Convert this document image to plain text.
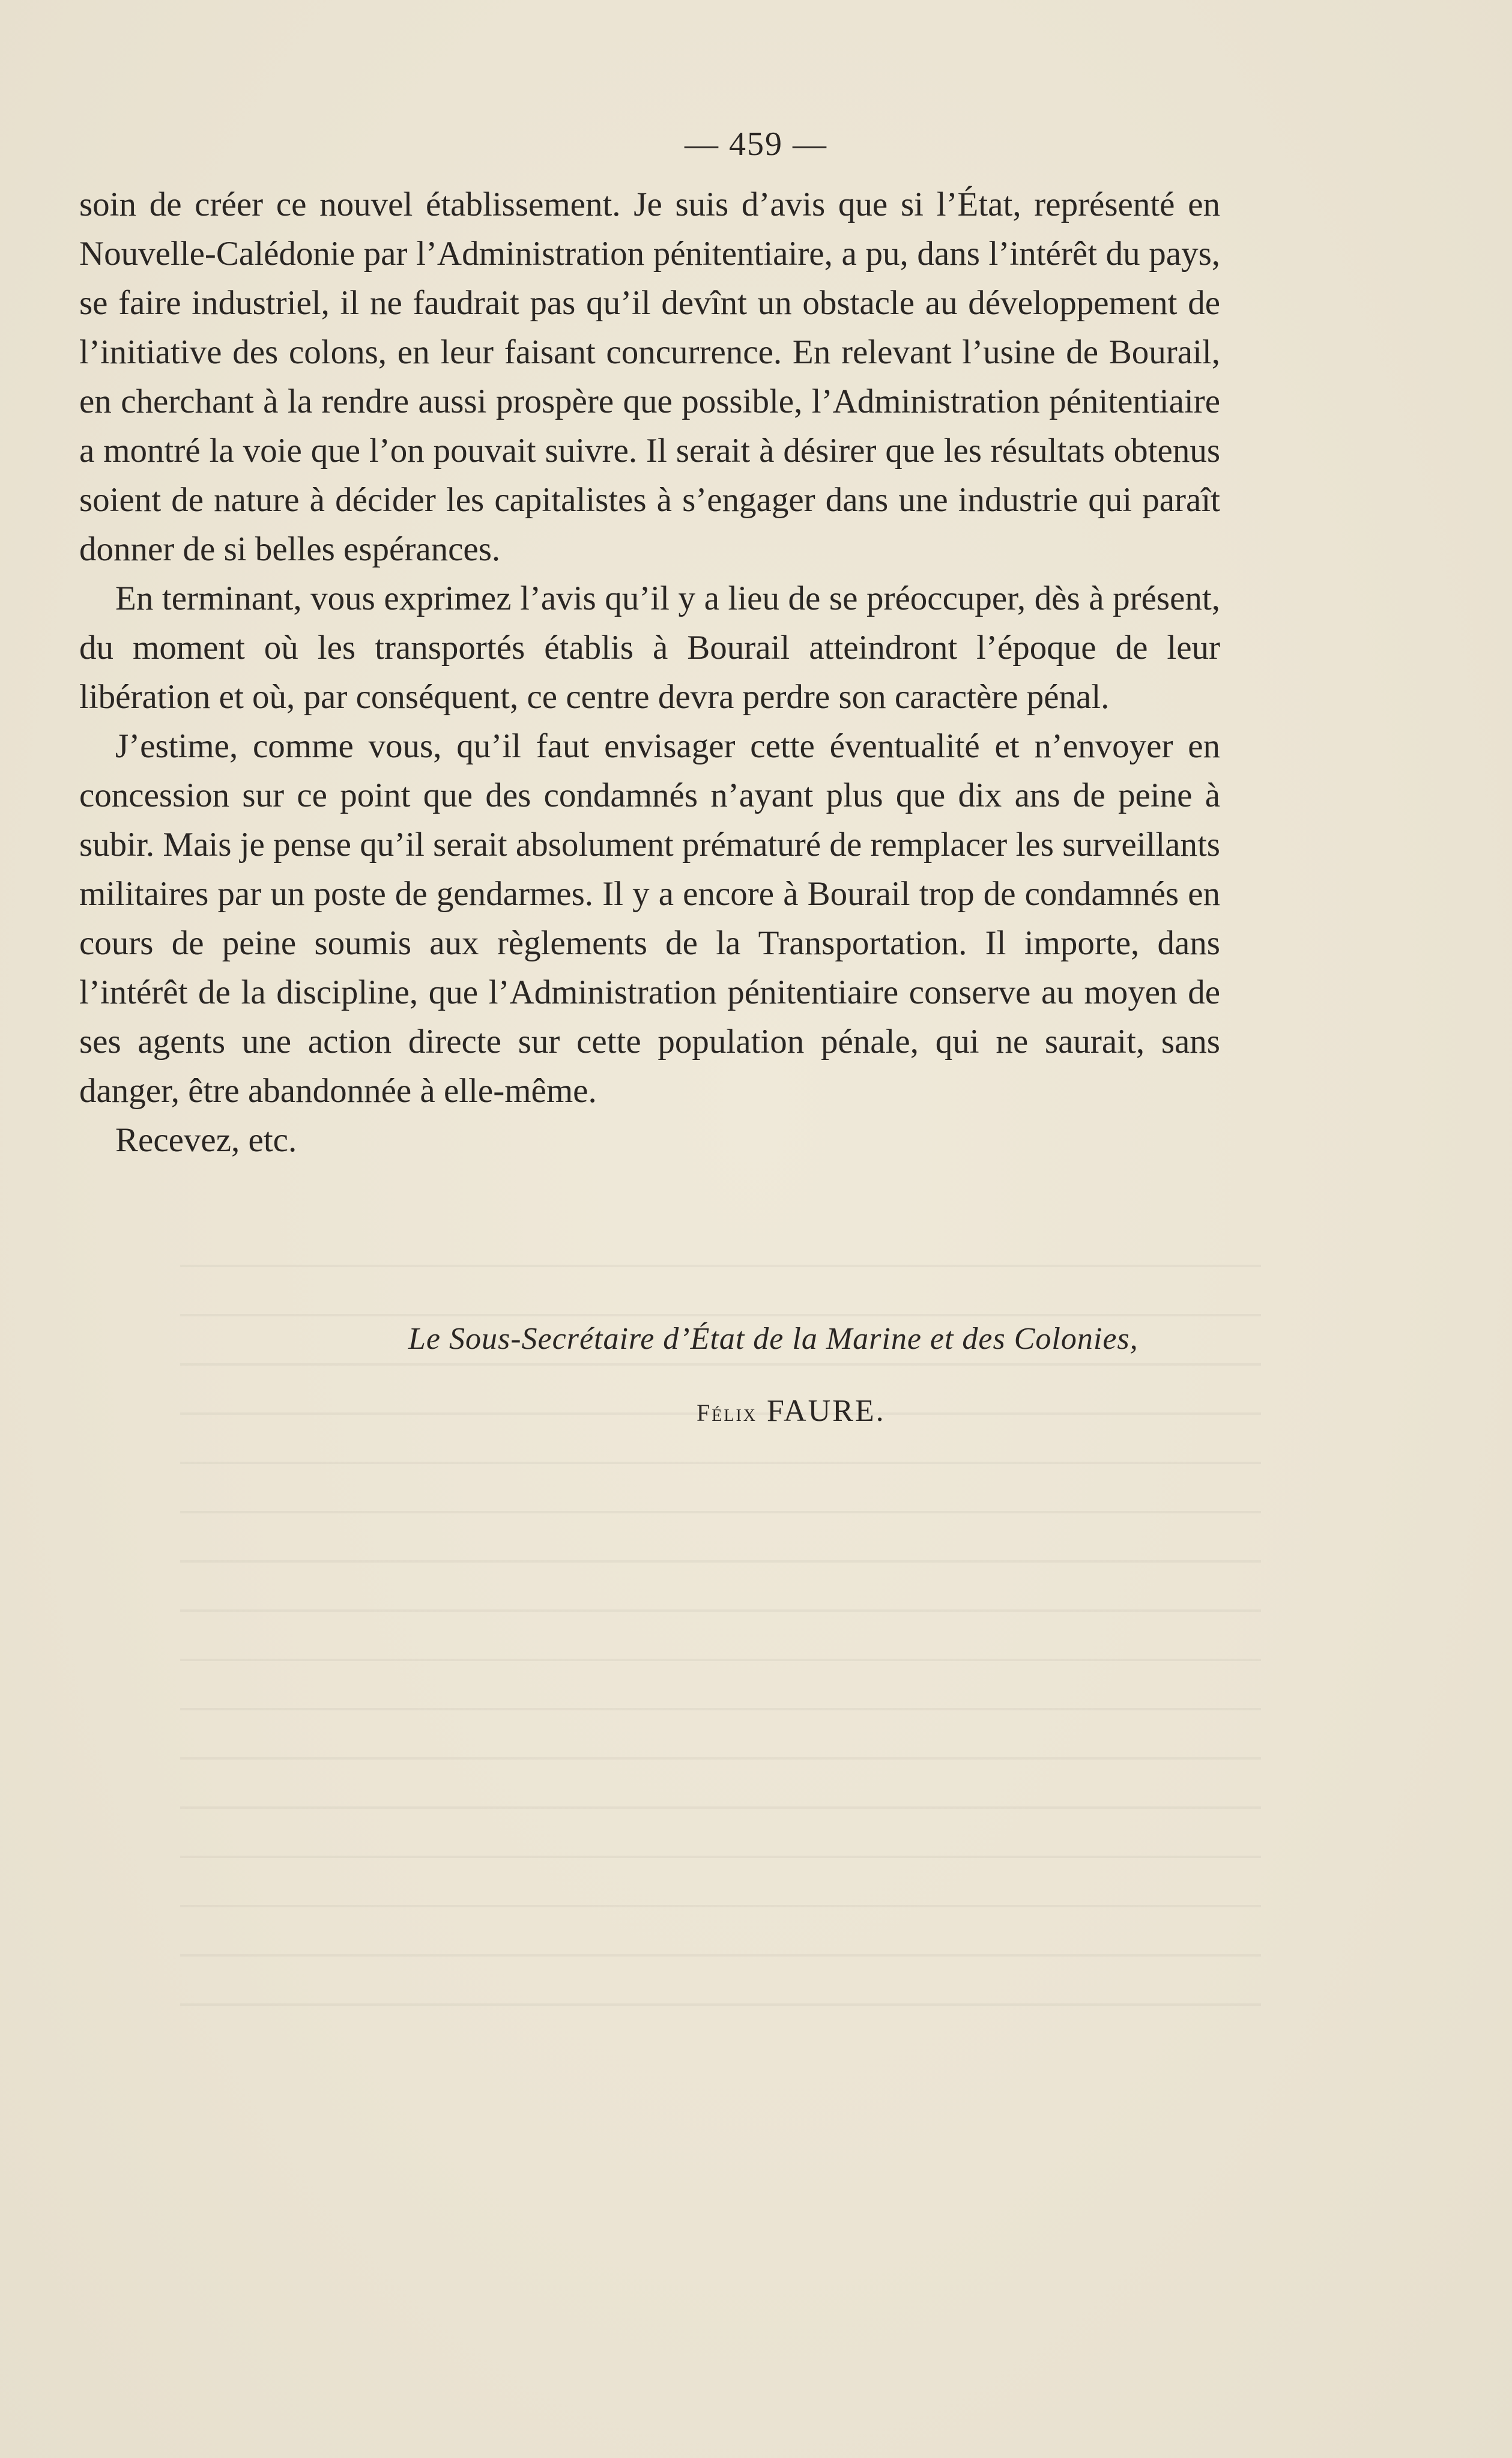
— 459 —

soin de créer ce nouvel établissement. Je suis d’avis que si l’État, représenté en Nouvelle-Calédonie par l’Administration pénitentiaire, a pu, dans l’intérêt du pays, se faire industriel, il ne faudrait pas qu’il devînt un obstacle au développement de l’initiative des colons, en leur faisant concurrence. En relevant l’usine de Bourail, en cherchant à la rendre aussi prospère que possible, l’Administration pénitentiaire a montré la voie que l’on pouvait suivre. Il serait à désirer que les résultats obtenus soient de nature à décider les capitalistes à s’engager dans une industrie qui paraît donner de si belles espérances.

En terminant, vous exprimez l’avis qu’il y a lieu de se préoccuper, dès à présent, du moment où les transportés établis à Bourail atteindront l’époque de leur libération et où, par conséquent, ce centre devra perdre son caractère pénal.

J’estime, comme vous, qu’il faut envisager cette éventualité et n’envoyer en concession sur ce point que des condamnés n’ayant plus que dix ans de peine à subir. Mais je pense qu’il serait absolument prématuré de remplacer les surveillants militaires par un poste de gendarmes. Il y a encore à Bourail trop de condamnés en cours de peine soumis aux règlements de la Transportation. Il importe, dans l’intérêt de la discipline, que l’Administration pénitentiaire conserve au moyen de ses agents une action directe sur cette population pénale, qui ne saurait, sans danger, être abandonnée à elle-même.

Recevez, etc.

Le Sous-Secrétaire d’État de la Marine et des Colonies,
Félix FAURE.
